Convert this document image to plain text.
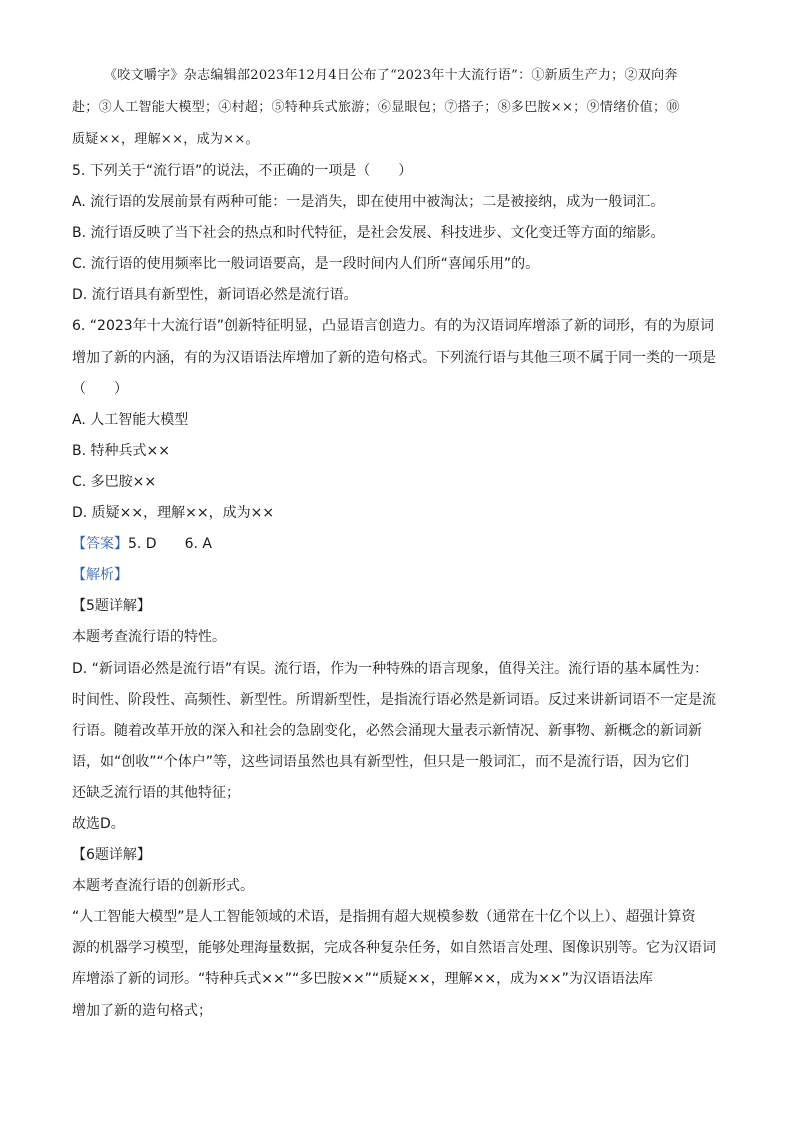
《咬文嚼字》杂志编辑部2023年12月4日公布了“2023年十大流行语”：①新质生产力；②双向奔

赴；③人工智能大模型；④村超；⑤特种兵式旅游；⑥显眼包；⑦搭子；⑧多巴胺××；⑨情绪价值；⑩

质疑××，理解××，成为××。

5. 下列关于“流行语”的说法，不正确的一项是（　　）
A. 流行语的发展前景有两种可能：一是消失，即在使用中被淘汰；二是被接纳，成为一般词汇。
B. 流行语反映了当下社会的热点和时代特征，是社会发展、科技进步、文化变迁等方面的缩影。
C. 流行语的使用频率比一般词语要高，是一段时间内人们所“喜闻乐用”的。
D. 流行语具有新型性，新词语必然是流行语。
6. “2023年十大流行语”创新特征明显，凸显语言创造力。有的为汉语词库增添了新的词形，有的为原词
增加了新的内涵，有的为汉语语法库增加了新的造句格式。下列流行语与其他三项不属于同一类的一项是
（　　）
A. 人工智能大模型
B. 特种兵式××
C. 多巴胺××
D. 质疑××，理解××，成为××
【答案】5. D　　6. A
【解析】
【5题详解】
本题考查流行语的特性。
D. “新词语必然是流行语”有误。流行语，作为一种特殊的语言现象，值得关注。流行语的基本属性为：
时间性、阶段性、高频性、新型性。所谓新型性，是指流行语必然是新词语。反过来讲新词语不一定是流
行语。随着改革开放的深入和社会的急剧变化，必然会涌现大量表示新情况、新事物、新概念的新词新
语，如“创收”“个体户”等，这些词语虽然也具有新型性，但只是一般词汇，而不是流行语，因为它们
还缺乏流行语的其他特征；
故选D。
【6题详解】
本题考查流行语的创新形式。
“人工智能大模型”是人工智能领域的术语，是指拥有超大规模参数（通常在十亿个以上）、超强计算资
源的机器学习模型，能够处理海量数据，完成各种复杂任务，如自然语言处理、图像识别等。它为汉语词
库增添了新的词形。“特种兵式××”“多巴胺××”“质疑××，理解××，成为××”为汉语语法库
增加了新的造句格式；
